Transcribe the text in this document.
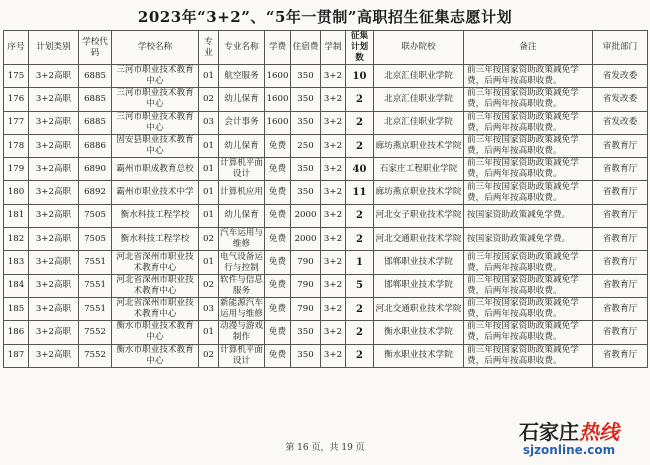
2023年“3+2”、“5年一贯制”高职招生征集志愿计划
序号	计划类别	学校代码	学校名称	专业	专业名称	学费	住宿费	学制	征集计划数	联办院校	备注	审批部门
175	3+2高职	6885	三河市职业技术教育中心	01	航空服务	1600	350	3+2	10	北京汇佳职业学院	前三年按国家资助政策减免学费，后两年按高职收费。	省发改委
176	3+2高职	6885	三河市职业技术教育中心	02	幼儿保育	1600	350	3+2	2	北京汇佳职业学院	前三年按国家资助政策减免学费，后两年按高职收费。	省发改委
177	3+2高职	6885	三河市职业技术教育中心	03	会计事务	1600	350	3+2	2	北京汇佳职业学院	前三年按国家资助政策减免学费，后两年按高职收费。	省发改委
178	3+2高职	6886	固安县职业技术教育中心	01	幼儿保育	免费	250	3+2	2	廊坊燕京职业技术学院	前三年按国家资助政策减免学费，后两年按高职收费。	省教育厅
179	3+2高职	6890	霸州市职成教育总校	01	计算机平面设计	免费	350	3+2	40	石家庄工程职业学院	前三年按国家资助政策减免学费，后两年按高职收费。	省教育厅
180	3+2高职	6892	霸州市职业技术中学	01	计算机应用	免费	350	3+2	11	廊坊燕京职业技术学院	前三年按国家资助政策减免学费，后两年按高职收费。	省教育厅
181	3+2高职	7505	衡水科技工程学校	01	幼儿保育	免费	2000	3+2	2	河北女子职业技术学院	按国家资助政策减免学费。	省教育厅
182	3+2高职	7505	衡水科技工程学校	02	汽车运用与维修	免费	2000	3+2	2	河北交通职业技术学院	按国家资助政策减免学费。	省教育厅
183	3+2高职	7551	河北省深州市职业技术教育中心	01	电气设备运行与控制	免费	790	3+2	1	邯郸职业技术学院	前三年按国家资助政策减免学费，后两年按高职收费。	省教育厅
184	3+2高职	7551	河北省深州市职业技术教育中心	02	软件与信息服务	免费	790	3+2	5	邯郸职业技术学院	前三年按国家资助政策减免学费，后两年按高职收费。	省教育厅
185	3+2高职	7551	河北省深州市职业技术教育中心	03	新能源汽车运用与维修	免费	790	3+2	2	河北交通职业技术学院	前三年按国家资助政策减免学费，后两年按高职收费。	省教育厅
186	3+2高职	7552	衡水市职业技术教育中心	01	动漫与游戏制作	免费	350	3+2	2	衡水职业技术学院	前三年按国家资助政策减免学费，后两年按高职收费。	省教育厅
187	3+2高职	7552	衡水市职业技术教育中心	02	计算机平面设计	免费	350	3+2	2	衡水职业技术学院	前三年按国家资助政策减免学费，后两年按高职收费。	省教育厅
第 16 页，共 19 页
石家庄热线
sjzonline.com
